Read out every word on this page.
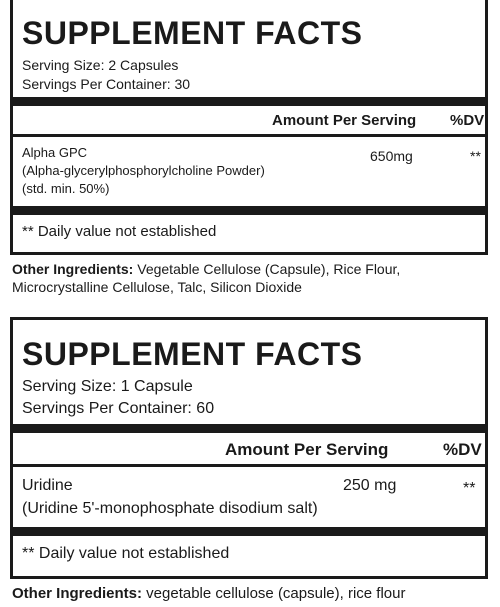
SUPPLEMENT FACTS
Serving Size: 2 Capsules
Servings Per Container: 30
Amount Per Serving %DV
Alpha GPC
(Alpha-glycerylphosphorylcholine Powder)
(std. min. 50%)
650mg	**
** Daily value not established
Other Ingredients: Vegetable Cellulose (Capsule), Rice Flour,
Microcrystalline Cellulose, Talc, Silicon Dioxide
SUPPLEMENT FACTS
Serving Size: 1 Capsule
Servings Per Container: 60
Amount Per Serving	%DV
Uridine
(Uridine 5'-monophosphate disodium salt)
250 mg	**
** Daily value not established
Other Ingredients: vegetable cellulose (capsule), rice flour
